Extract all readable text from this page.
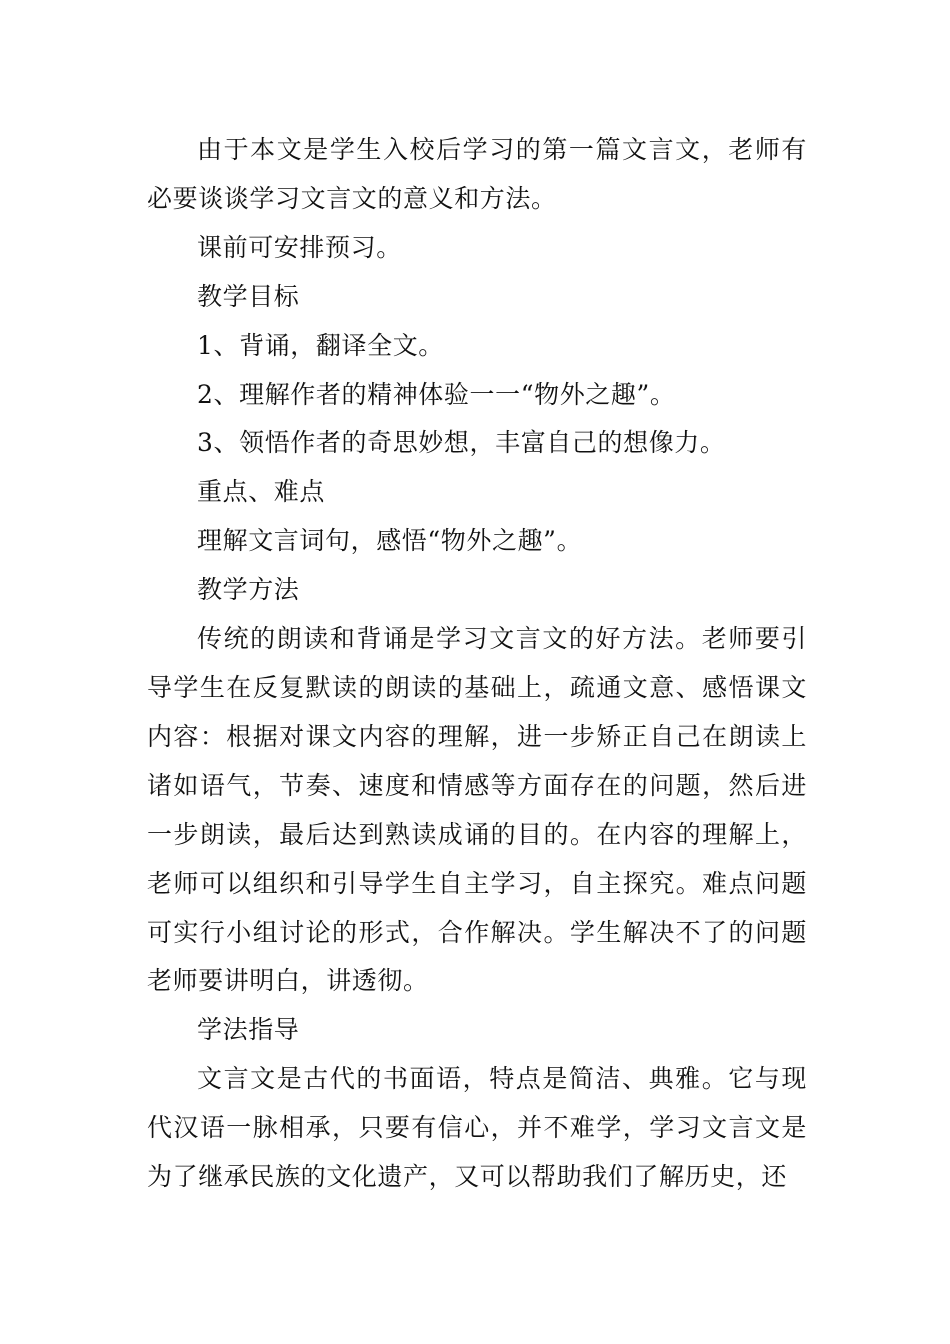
由于本文是学生入校后学习的第一篇文言文，老师有必要谈谈学习文言文的意义和方法。

课前可安排预习。

教学目标

1、背诵，翻译全文。

2、理解作者的精神体验一一“物外之趣”。

3、领悟作者的奇思妙想，丰富自己的想像力。

重点、难点

理解文言词句，感悟“物外之趣”。

教学方法

传统的朗读和背诵是学习文言文的好方法。老师要引导学生在反复默读的朗读的基础上，疏通文意、感悟课文内容：根据对课文内容的理解，进一步矫正自己在朗读上诸如语气，节奏、速度和情感等方面存在的问题，然后进一步朗读，最后达到熟读成诵的目的。在内容的理解上，老师可以组织和引导学生自主学习，自主探究。难点问题可实行小组讨论的形式，合作解决。学生解决不了的问题老师要讲明白，讲透彻。

学法指导

文言文是古代的书面语，特点是简洁、典雅。它与现代汉语一脉相承，只要有信心，并不难学，学习文言文是为了继承民族的文化遗产，又可以帮助我们了解历史，还
